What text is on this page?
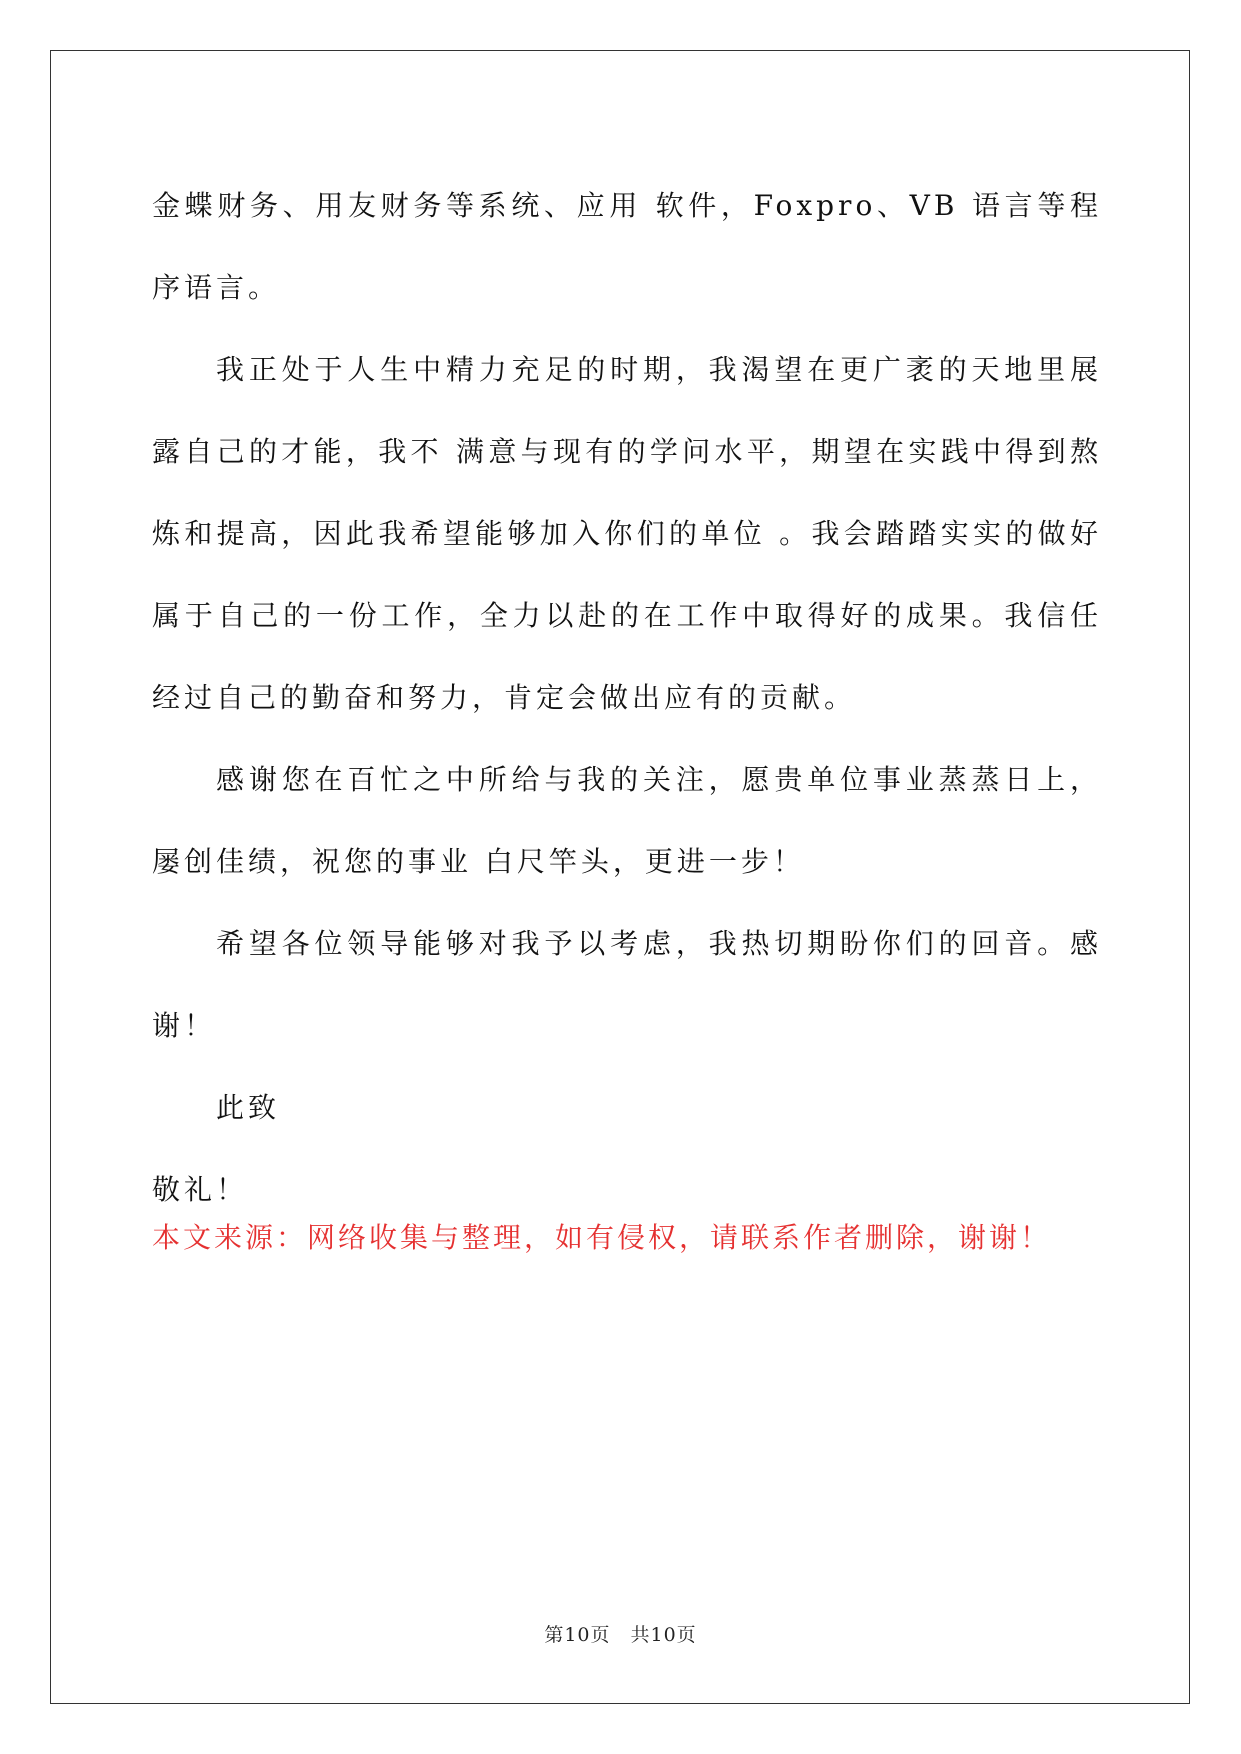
金蝶财务、用友财务等系统、应用 软件，Foxpro、VB 语言等程序语言。

我正处于人生中精力充足的时期，我渴望在更广袤的天地里展露自己的才能，我不 满意与现有的学问水平，期望在实践中得到熬炼和提高，因此我希望能够加入你们的单位 。我会踏踏实实的做好属于自己的一份工作，全力以赴的在工作中取得好的成果。我信任 经过自己的勤奋和努力，肯定会做出应有的贡献。

感谢您在百忙之中所给与我的关注，愿贵单位事业蒸蒸日上，屡创佳绩，祝您的事业 白尺竿头，更进一步！

希望各位领导能够对我予以考虑，我热切期盼你们的回音。感谢！

此致

敬礼！

本文来源：网络收集与整理，如有侵权，请联系作者删除，谢谢！
第10页　共10页
